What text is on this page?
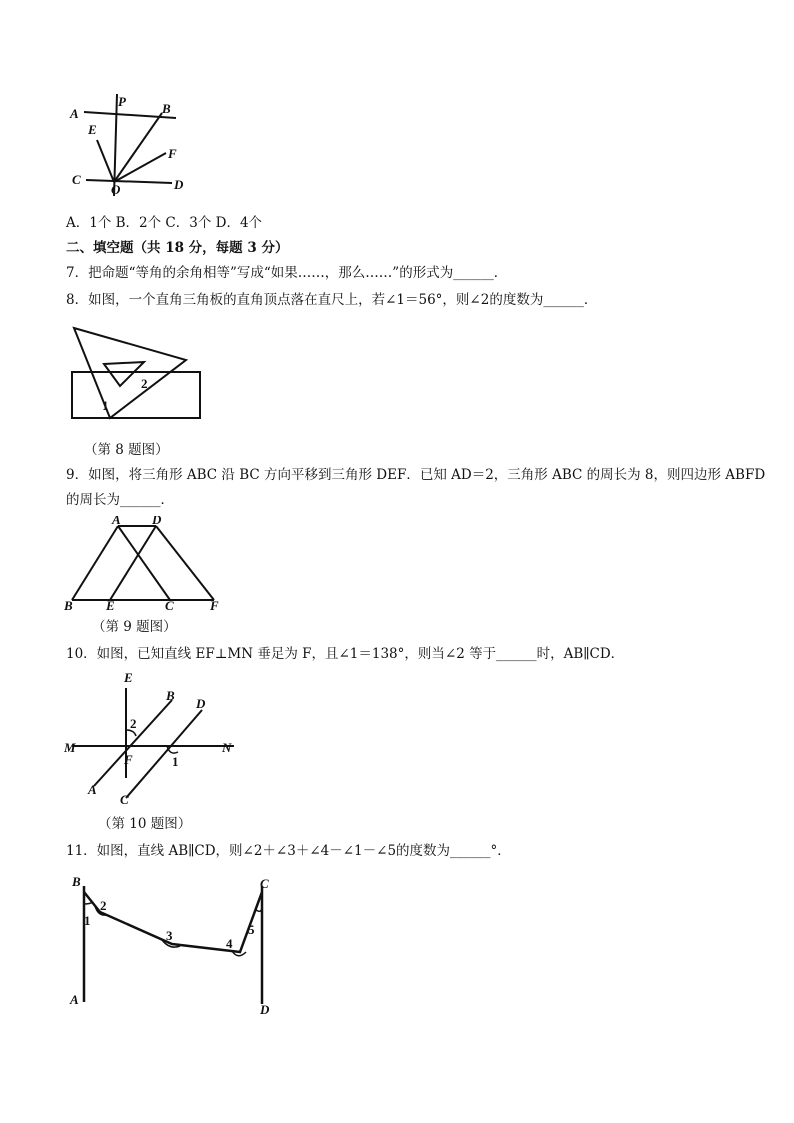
A
P	B
E
F
C
O	D
A．1个 B．2个 C．3个 D．4个
二、填空题（共 18 分，每题 3 分）
7．把命题“等角的余角相等”写成“如果……，那么……”的形式为______．
8．如图，一个直角三角板的直角顶点落在直尺上，若∠1＝56°，则∠2的度数为______．
1
2
（第 8 题图）
9．如图，将三角形 ABC 沿 BC 方向平移到三角形 DEF．已知 AD＝2，三角形 ABC 的周长为 8，则四边形 ABFD
的周长为______．
A D
B	E	C	F
（第 9 题图）
10．如图，已知直线 EF⊥MN 垂足为 F，且∠1＝138°，则当∠2 等于______时，AB∥CD．
E
B
D
M
F
N
A
C
2
1
（第 10 题图）
11．如图，直线 AB∥CD，则∠2＋∠3＋∠4－∠1－∠5的度数为______°．
B	C
A
D
1
2
3
4
5
